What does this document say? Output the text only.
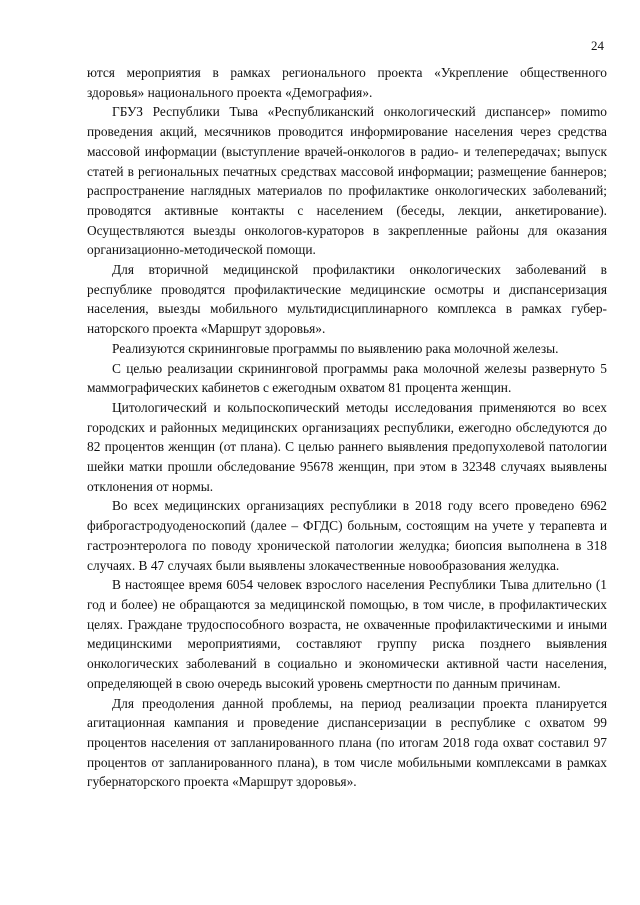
24

ются мероприятия в рамках регионального проекта «Укрепление общественного здоровья» национального проекта «Демография».

ГБУЗ Республики Тыва «Республиканский онкологический диспансер» помиmo проведения акций, месячников проводится информирование населения через средства массовой информации (выступление врачей-онкологов в радио- и телепередачах; выпуск статей в региональных печатных средствах массовой информации; размещение баннеров; распространение наглядных материалов по профилактике онкологических заболеваний; проводятся активные контакты с населением (беседы, лекции, анкетирование). Осуществляются выезды онкологов-кураторов в закрепленные районы для оказания организационно-методической помощи.

Для вторичной медицинской профилактики онкологических заболеваний в республике проводятся профилактические медицинские осмотры и диспансеризация населения, выезды мобильного мультидисциплинарного комплекса в рамках губернаторского проекта «Маршрут здоровья».

Реализуются скрининговые программы по выявлению рака молочной железы.

С целью реализации скрининговой программы рака молочной железы развернуто 5 маммографических кабинетов с ежегодным охватом 81 процента женщин.

Цитологический и кольпоскопический методы исследования применяются во всех городских и районных медицинских организациях республики, ежегодно обследуются до 82 процентов женщин (от плана). С целью раннего выявления предопухолевой патологии шейки матки прошли обследование 95678 женщин, при этом в 32348 случаях выявлены отклонения от нормы.

Во всех медицинских организациях республики в 2018 году всего проведено 6962 фиброгастродуоденоскопий (далее – ФГДС) больным, состоящим на учете у терапевта и гастроэнтеролога по поводу хронической патологии желудка; биопсия выполнена в 318 случаях. В 47 случаях были выявлены злокачественные новообразования желудка.

В настоящее время 6054 человек взрослого населения Республики Тыва длительно (1 год и более) не обращаются за медицинской помощью, в том числе, в профилактических целях. Граждане трудоспособного возраста, не охваченные профилактическими и иными медицинскими мероприятиями, составляют группу риска позднего выявления онкологических заболеваний в социально и экономически активной части населения, определяющей в свою очередь высокий уровень смертности по данным причинам.

Для преодоления данной проблемы, на период реализации проекта планируется агитационная кампания и проведение диспансеризации в республике с охватом 99 процентов населения от запланированного плана (по итогам 2018 года охват составил 97 процентов от запланированного плана), в том числе мобильными комплексами в рамках губернаторского проекта «Маршрут здоровья».
